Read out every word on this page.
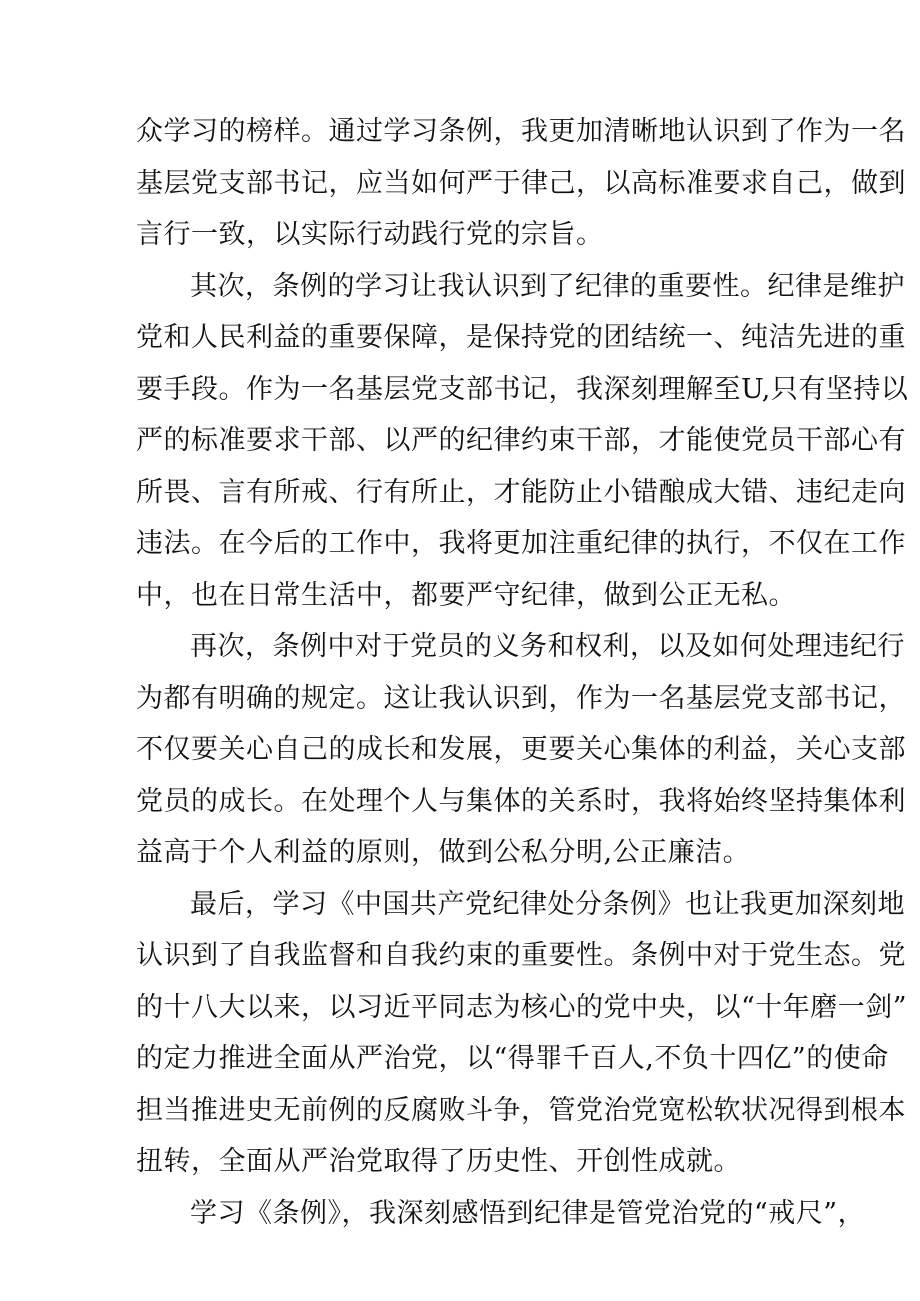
众学习的榜样。通过学习条例，我更加清晰地认识到了作为一名
基层党支部书记，应当如何严于律己，以高标准要求自己，做到
言行一致，以实际行动践行党的宗旨。

其次，条例的学习让我认识到了纪律的重要性。纪律是维护
党和人民利益的重要保障，是保持党的团结统一、纯洁先进的重
要手段。作为一名基层党支部书记，我深刻理解至U,只有坚持以
严的标准要求干部、以严的纪律约束干部，才能使党员干部心有
所畏、言有所戒、行有所止，才能防止小错酿成大错、违纪走向
违法。在今后的工作中，我将更加注重纪律的执行，不仅在工作
中，也在日常生活中，都要严守纪律，做到公正无私。

再次，条例中对于党员的义务和权利，以及如何处理违纪行
为都有明确的规定。这让我认识到，作为一名基层党支部书记，
不仅要关心自己的成长和发展，更要关心集体的利益，关心支部
党员的成长。在处理个人与集体的关系时，我将始终坚持集体利
益高于个人利益的原则，做到公私分明,公正廉洁。

最后，学习《中国共产党纪律处分条例》也让我更加深刻地
认识到了自我监督和自我约束的重要性。条例中对于党生态。党
的十八大以来，以习近平同志为核心的党中央，以“十年磨一剑”
的定力推进全面从严治党，以“得罪千百人,不负十四亿”的使命
担当推进史无前例的反腐败斗争，管党治党宽松软状况得到根本
扭转，全面从严治党取得了历史性、开创性成就。

学习《条例》，我深刻感悟到纪律是管党治党的“戒尺”，
